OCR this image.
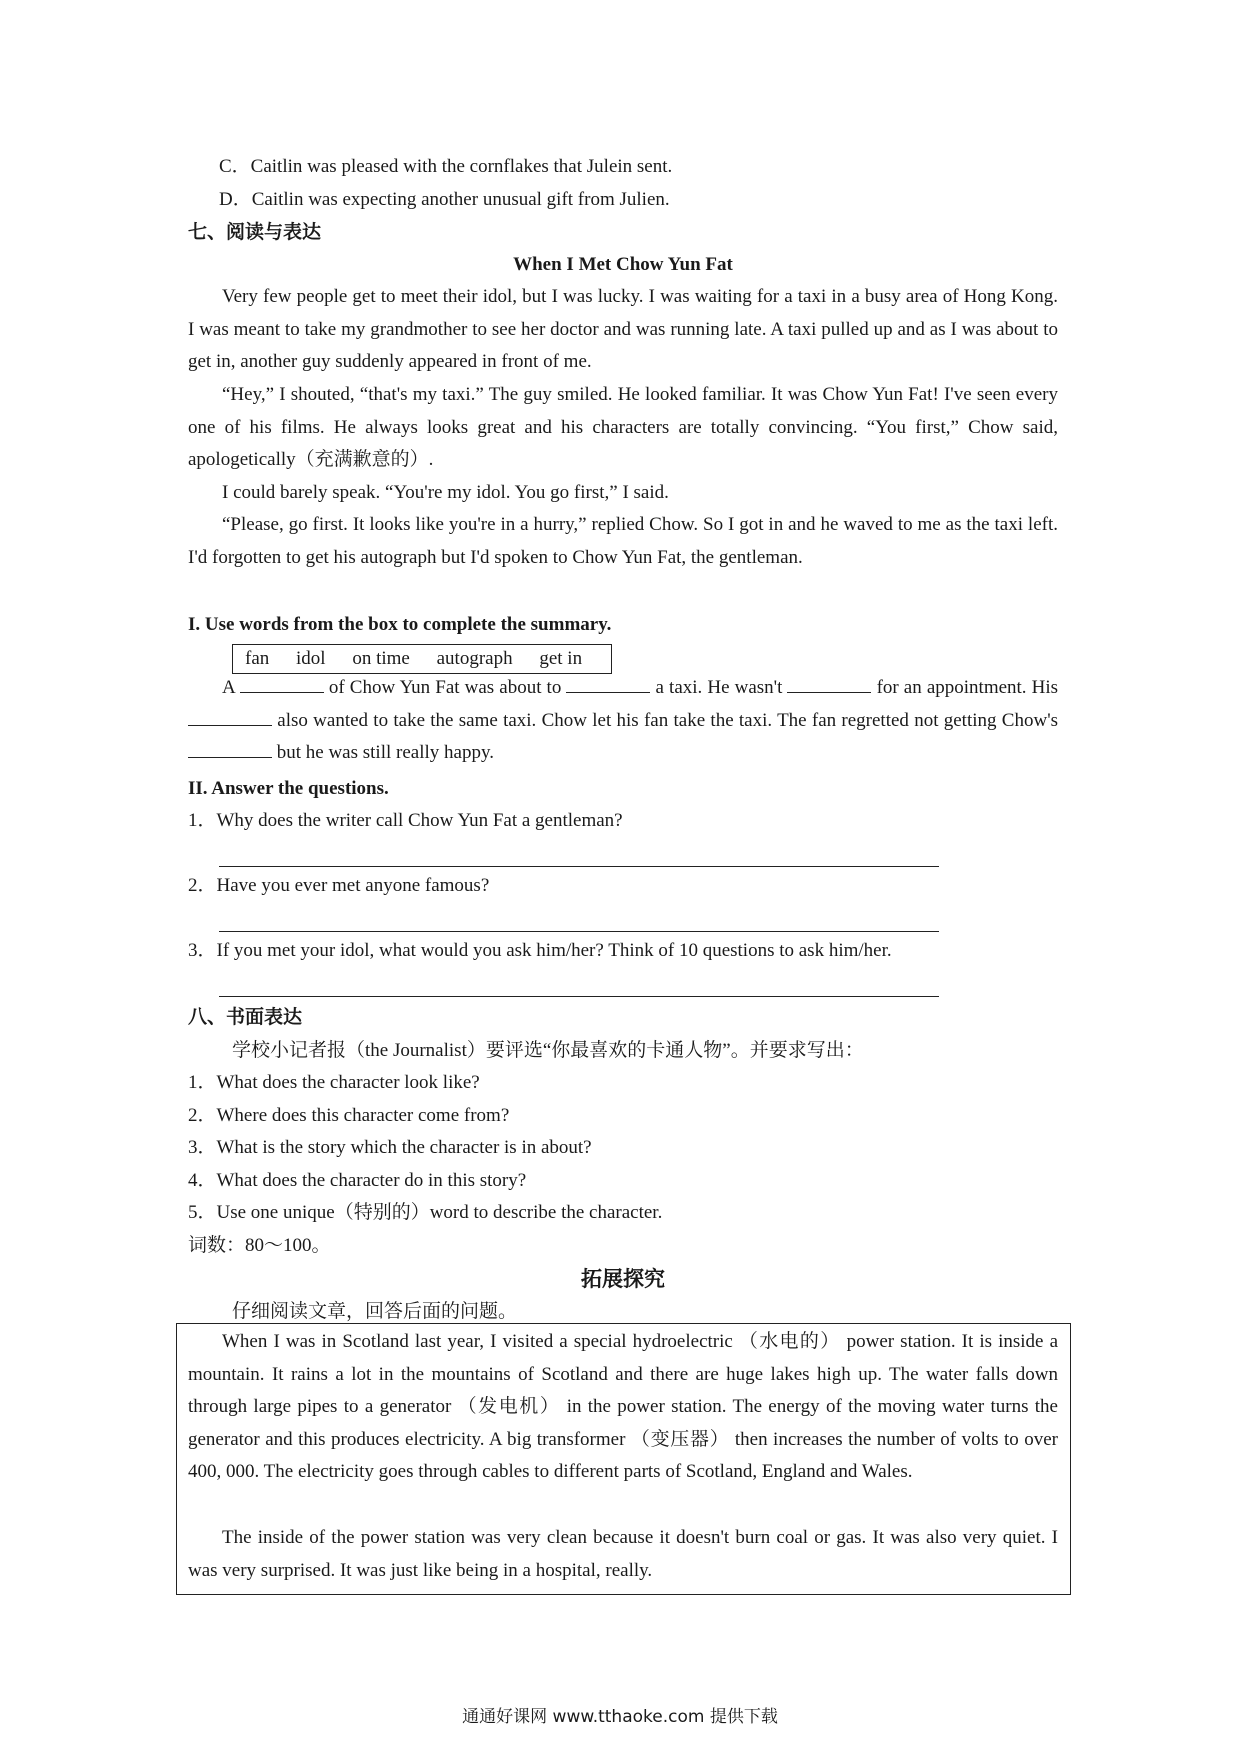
C．Caitlin was pleased with the cornflakes that Julein sent.
D．Caitlin was expecting another unusual gift from Julien.
七、阅读与表达
When I Met Chow Yun Fat
Very few people get to meet their idol, but I was lucky. I was waiting for a taxi in a busy area of Hong Kong. I was meant to take my grandmother to see her doctor and was running late. A taxi pulled up and as I was about to get in, another guy suddenly appeared in front of me.
“Hey,” I shouted, “that's my taxi.” The guy smiled. He looked familiar. It was Chow Yun Fat! I've seen every one of his films. He always looks great and his characters are totally convincing. “You first,” Chow said, apologetically（充满歉意的）.
I could barely speak. “You're my idol. You go first,” I said.
“Please, go first. It looks like you're in a hurry,” replied Chow. So I got in and he waved to me as the taxi left. I'd forgotten to get his autograph but I'd spoken to Chow Yun Fat, the gentleman.
I. Use words from the box to complete the summary.
fan idol on time autograph get in
A	of Chow Yun Fat was about to	a taxi. He wasn't	for an appointment. His  also wanted to take the same taxi. Chow let his fan take the taxi. The fan regretted not getting Chow's  but he was still really happy.
II. Answer the questions.
1．Why does the writer call Chow Yun Fat a gentleman?
2．Have you ever met anyone famous?
3．If you met your idol, what would you ask him/her? Think of 10 questions to ask him/her.
八、书面表达
学校小记者报（the Journalist）要评选“你最喜欢的卡通人物”。并要求写出：
1．What does the character look like?
2．Where does this character come from?
3．What is the story which the character is in about?
4．What does the character do in this story?
5．Use one unique（特别的）word to describe the character.
词数：80～100。
拓展探究
仔细阅读文章，回答后面的问题。
When I was in Scotland last year, I visited a special hydroelectric （水电的） power station. It is inside a mountain. It rains a lot in the mountains of Scotland and there are huge lakes high up. The water falls down through large pipes to a generator （发电机） in the power station. The energy of the moving water turns the generator and this produces electricity. A big transformer （变压器） then increases the number of volts to over 400, 000. The electricity goes through cables to different parts of Scotland, England and Wales.
The inside of the power station was very clean because it doesn't burn coal or gas. It was also very quiet. I was very surprised. It was just like being in a hospital, really.
通通好课网 www.tthaoke.com 提供下载
